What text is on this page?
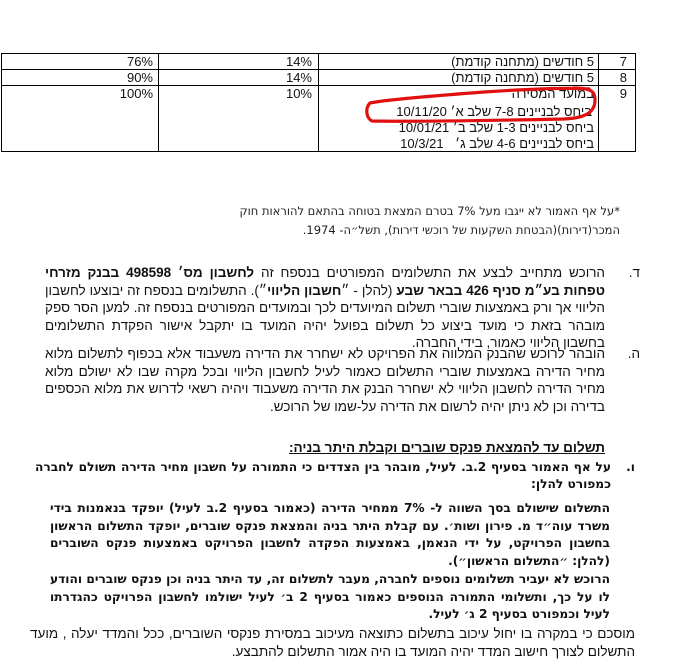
76%	14%	5 חודשים (מתחנה קודמת)	7
90%	14%	5 חודשים (מתחנה קודמת)	8
100%	10%	במועד המסירה
ביחס לבניינים 7-8 שלב א׳ 10/11/20
ביחס לבניינים 1-3 שלב ב׳ 10/01/21
ביחס לבניינים 4-6 שלב ג׳ 10/3/21	9
*על אף האמור לא ייגבו מעל 7% בטרם המצאת בטוחה בהתאם להוראות חוק
המכר(דירות)(הבטחת השקעות של רוכשי דירות), תשל״ה- 1974.
ד.
הרוכש מתחייב לבצע את התשלומים המפורטים בנספח זה לחשבון מס׳ 498598 בבנק מזרחי טפחות בע״מ סניף 426 בבאר שבע (להלן - ״חשבון הליווי״). התשלומים בנספח זה יבוצעו לחשבון הליווי אך ורק באמצעות שוברי תשלום המיועדים לכך ובמועדים המפורטים בנספח זה. למען הסר ספק מובהר בזאת כי מועד ביצוע כל תשלום בפועל יהיה המועד בו יתקבל אישור הפקדת התשלומים בחשבון הליווי כאמור, בידי החברה.
ה.
הובהר לרוכש שהבנק המלווה את הפרויקט לא ישחרר את הדירה משעבוד אלא בכפוף לתשלום מלוא מחיר הדירה באמצעות שוברי התשלום כאמור לעיל לחשבון הליווי ובכל מקרה שבו לא ישולם מלוא מחיר הדירה לחשבון הליווי לא ישחרר הבנק את הדירה משעבוד ויהיה רשאי לדרוש את מלוא הכספים בדירה וכן לא ניתן יהיה לרשום את הדירה על-שמו של הרוכש.
תשלום עד להמצאת פנקס שוברים וקבלת היתר בניה:
ו.
על אף האמור בסעיף 2.ב. לעיל, מובהר בין הצדדים כי התמורה על חשבון מחיר הדירה תשולם לחברה כמפורט להלן:
התשלום שישולם בסך השווה ל- 7% ממחיר הדירה (כאמור בסעיף 2.ב לעיל) יופקד בנאמנות בידי משרד עוה״ד מ. פירון ושות׳. עם קבלת היתר בניה והמצאת פנקס שוברים, יופקד התשלום הראשון בחשבון הפרויקט, על ידי הנאמן, באמצעות הפקדה לחשבון הפרויקט באמצעות פנקס השוברים (להלן: ״התשלום הראשון״).
הרוכש לא יעביר תשלומים נוספים לחברה, מעבר לתשלום זה, עד היתר בניה וכן פנקס שוברים והודע לו על כך, ותשלומי התמורה הנוספים כאמור בסעיף 2 ב׳ לעיל ישולמו לחשבון הפרויקט כהגדרתו לעיל וכמפורט בסעיף 2 ג׳ לעיל.
מוסכם כי במקרה בו יחול עיכוב בתשלום כתוצאה מעיכוב במסירת פנקסי השוברים, ככל והמדד יעלה , מועד התשלום לצורך חישוב המדד יהיה המועד בו היה אמור התשלום להתבצע.
